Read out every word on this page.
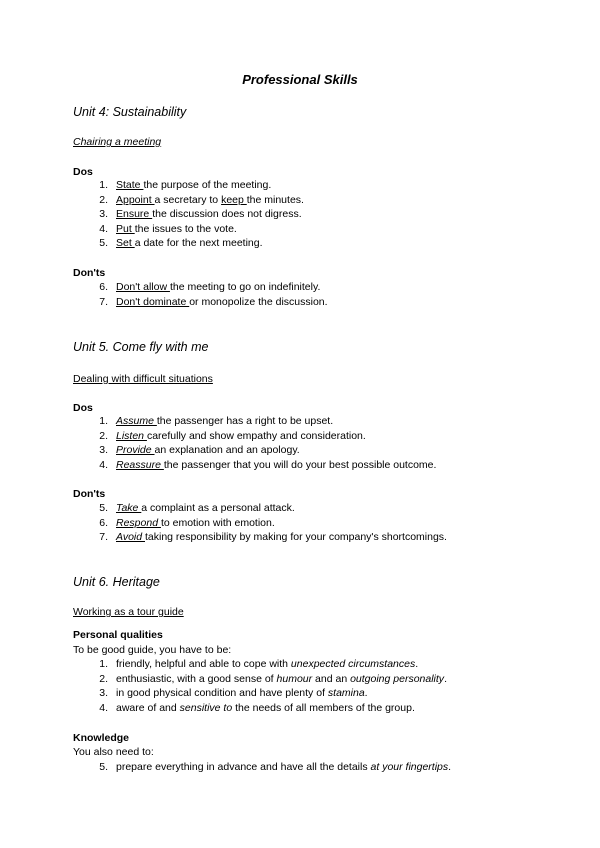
Professional Skills
Unit 4: Sustainability
Chairing a meeting
Dos
1. State the purpose of the meeting.
2. Appoint a secretary to keep the minutes.
3. Ensure the discussion does not digress.
4. Put the issues to the vote.
5. Set a date for the next meeting.
Don'ts
6. Don't allow the meeting to go on indefinitely.
7. Don't dominate or monopolize the discussion.
Unit 5. Come fly with me
Dealing with difficult situations
Dos
1. Assume the passenger has a right to be upset.
2. Listen carefully and show empathy and consideration.
3. Provide an explanation and an apology.
4. Reassure the passenger that you will do your best possible outcome.
Don'ts
5. Take a complaint as a personal attack.
6. Respond to emotion with emotion.
7. Avoid taking responsibility by making for your company's shortcomings.
Unit 6. Heritage
Working as a tour guide
Personal qualities
To be good guide, you have to be:
1. friendly, helpful and able to cope with unexpected circumstances.
2. enthusiastic, with a good sense of humour and an outgoing personality.
3. in good physical condition and have plenty of stamina.
4. aware of and sensitive to the needs of all members of the group.
Knowledge
You also need to:
5. prepare everything in advance and have all the details at your fingertips.
